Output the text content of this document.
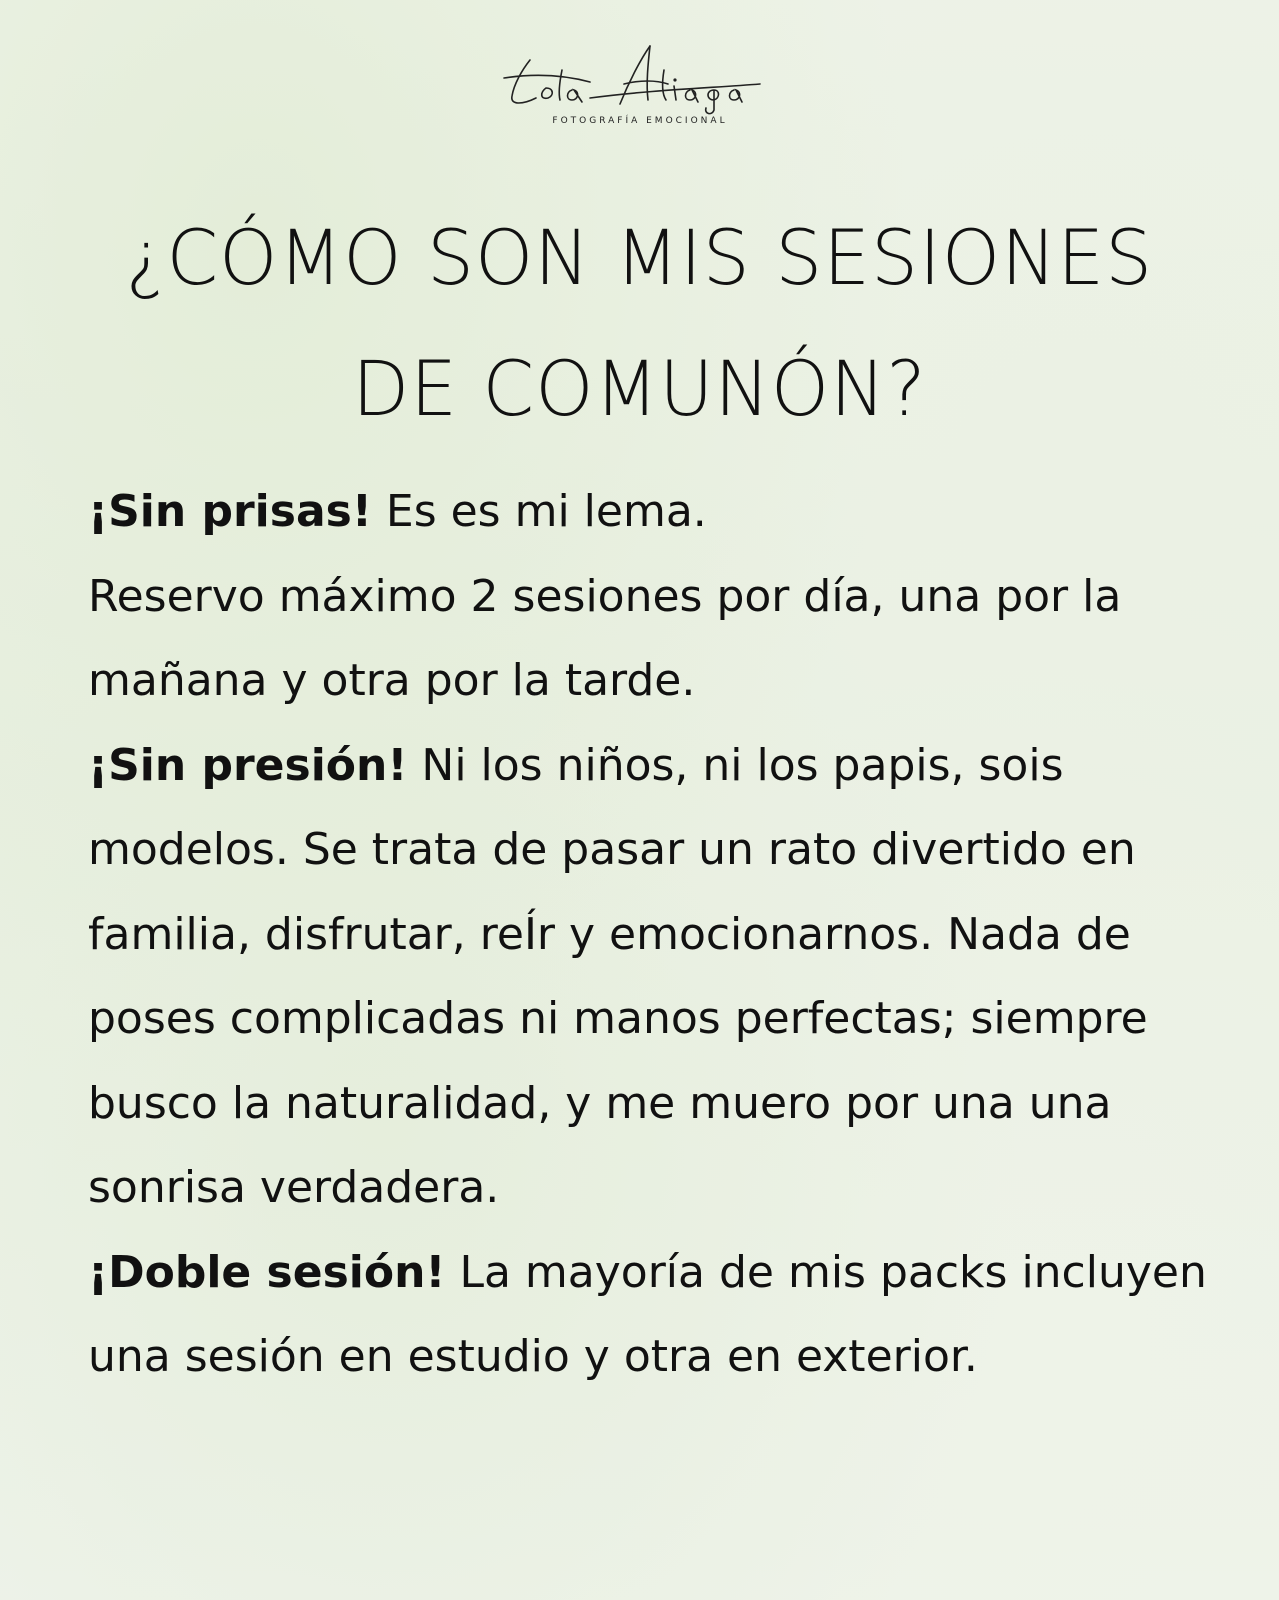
FOTOGRAFÍA EMOCIONAL
¿CÓMO SON MIS SESIONES
DE COMUNÓN?

¡Sin prisas! Es es mi lema.

Reservo máximo 2 sesiones por día, una por la mañana y otra por la tarde.

¡Sin presión! Ni los niños, ni los papis, sois modelos. Se trata de pasar un rato divertido en familia, disfrutar, reÍr y emocionarnos. Nada de poses complicadas ni manos perfectas; siempre busco la naturalidad, y me muero por una una sonrisa verdadera.

¡Doble sesión! La mayoría de mis packs incluyen una sesión en estudio y otra en exterior.
